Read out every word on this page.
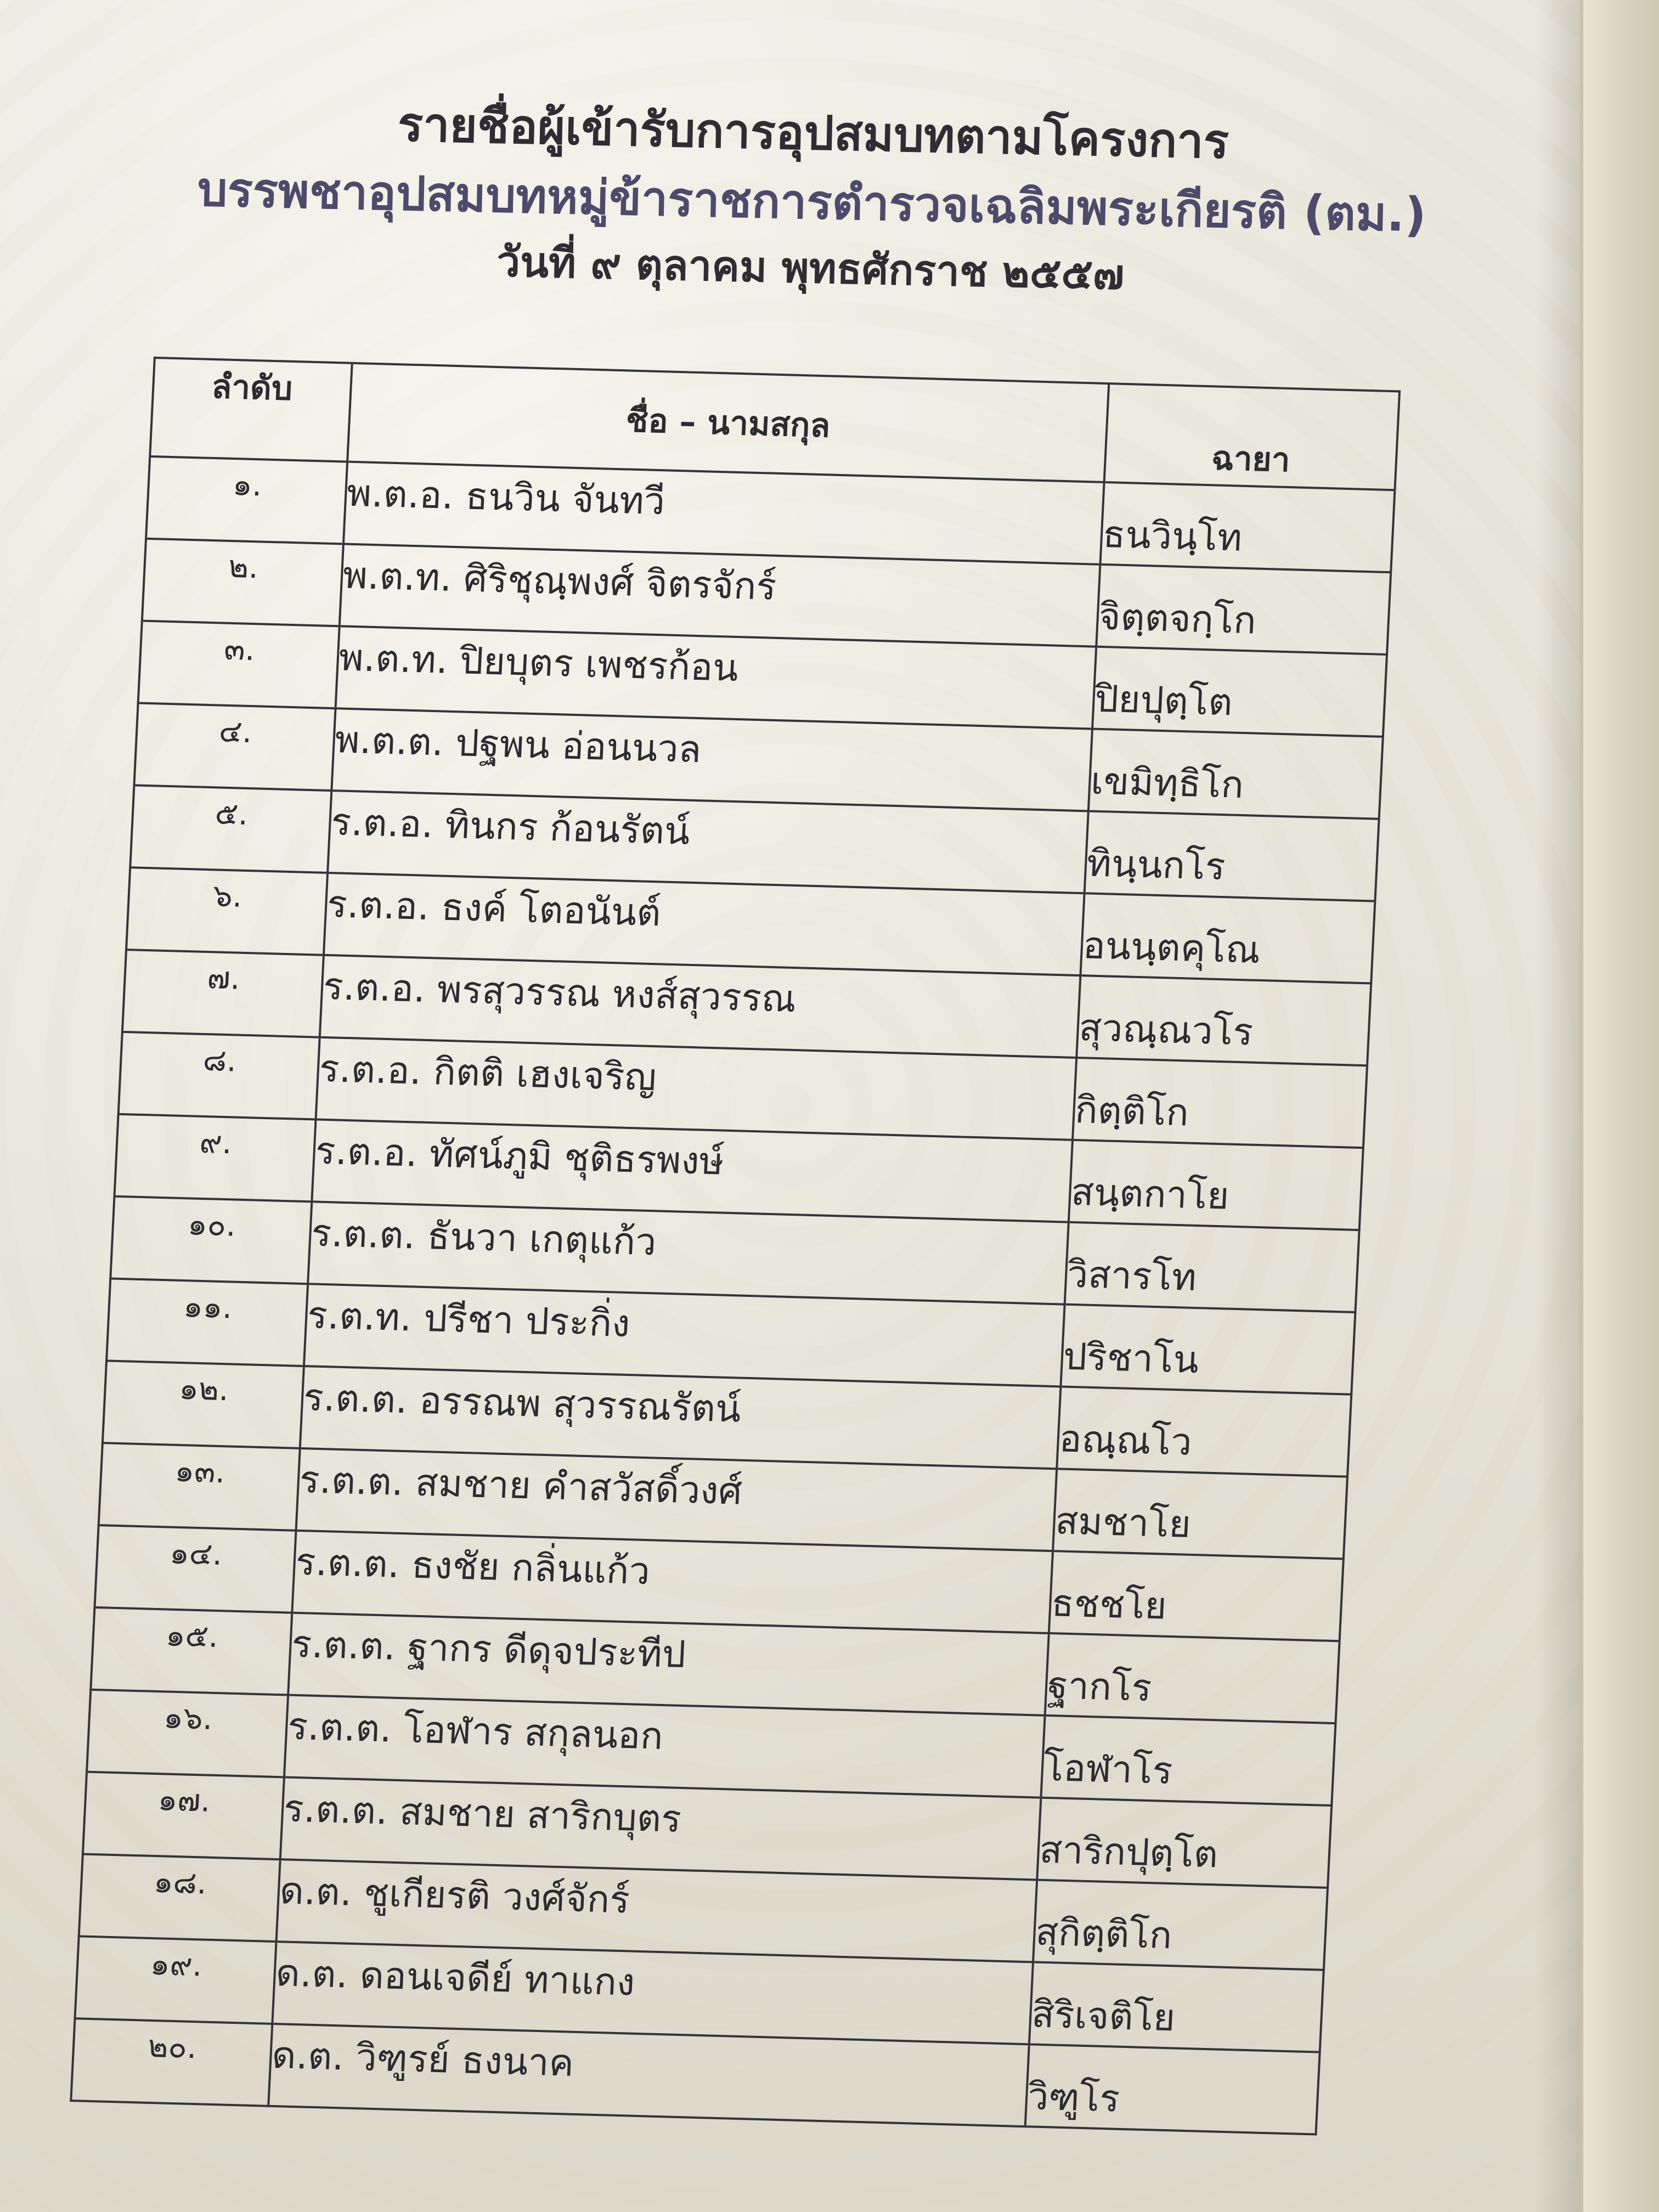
รายชื่อผู้เข้ารับการอุปสมบทตามโครงการ
บรรพชาอุปสมบทหมู่ข้าราชการตำรวจเฉลิมพระเกียรติ (ตม.)
วันที่ ๙ ตุลาคม พุทธศักราช ๒๕๕๗
ลำดับ	ชื่อ – นามสกุล	ฉายา
๑.	พ.ต.อ. ธนวิน จันทวี	ธนวินฺโท
๒.	พ.ต.ท. ศิริชุณฺพงศ์ จิตรจักร์	จิตฺตจกฺโก
๓.	พ.ต.ท. ปิยบุตร เพชรก้อน	ปิยปุตฺโต
๔.	พ.ต.ต. ปฐพน อ่อนนวล	เขมิทฺธิโก
๕.	ร.ต.อ. ทินกร ก้อนรัตน์	ทินฺนกโร
๖.	ร.ต.อ. ธงค์ โตอนันต์	อนนฺตคุโณ
๗.	ร.ต.อ. พรสุวรรณ หงส์สุวรรณ	สุวณฺณวโร
๘.	ร.ต.อ. กิตติ เฮงเจริญ	กิตฺติโก
๙.	ร.ต.อ. ทัศน์ภูมิ ชุติธรพงษ์	สนฺตกาโย
๑๐.	ร.ต.ต. ธันวา เกตุแก้ว	วิสารโท
๑๑.	ร.ต.ท. ปรีชา ประกิ่ง	ปริชาโน
๑๒.	ร.ต.ต. อรรณพ สุวรรณรัตน์	อณฺณโว
๑๓.	ร.ต.ต. สมชาย คำสวัสดิ์วงศ์	สมชาโย
๑๔.	ร.ต.ต. ธงชัย กลิ่นแก้ว	ธชชโย
๑๕.	ร.ต.ต. ฐากร ดีดุจประทีป	ฐากโร
๑๖.	ร.ต.ต. โอฬาร สกุลนอก	โอฬาโร
๑๗.	ร.ต.ต. สมชาย สาริกบุตร	สาริกปุตฺโต
๑๘.	ด.ต. ชูเกียรติ วงศ์จักร์	สุกิตฺติโก
๑๙.	ด.ต. ดอนเจดีย์ ทาแกง	สิริเจติโย
๒๐.	ด.ต. วิฑูรย์ ธงนาค	วิฑูโร
